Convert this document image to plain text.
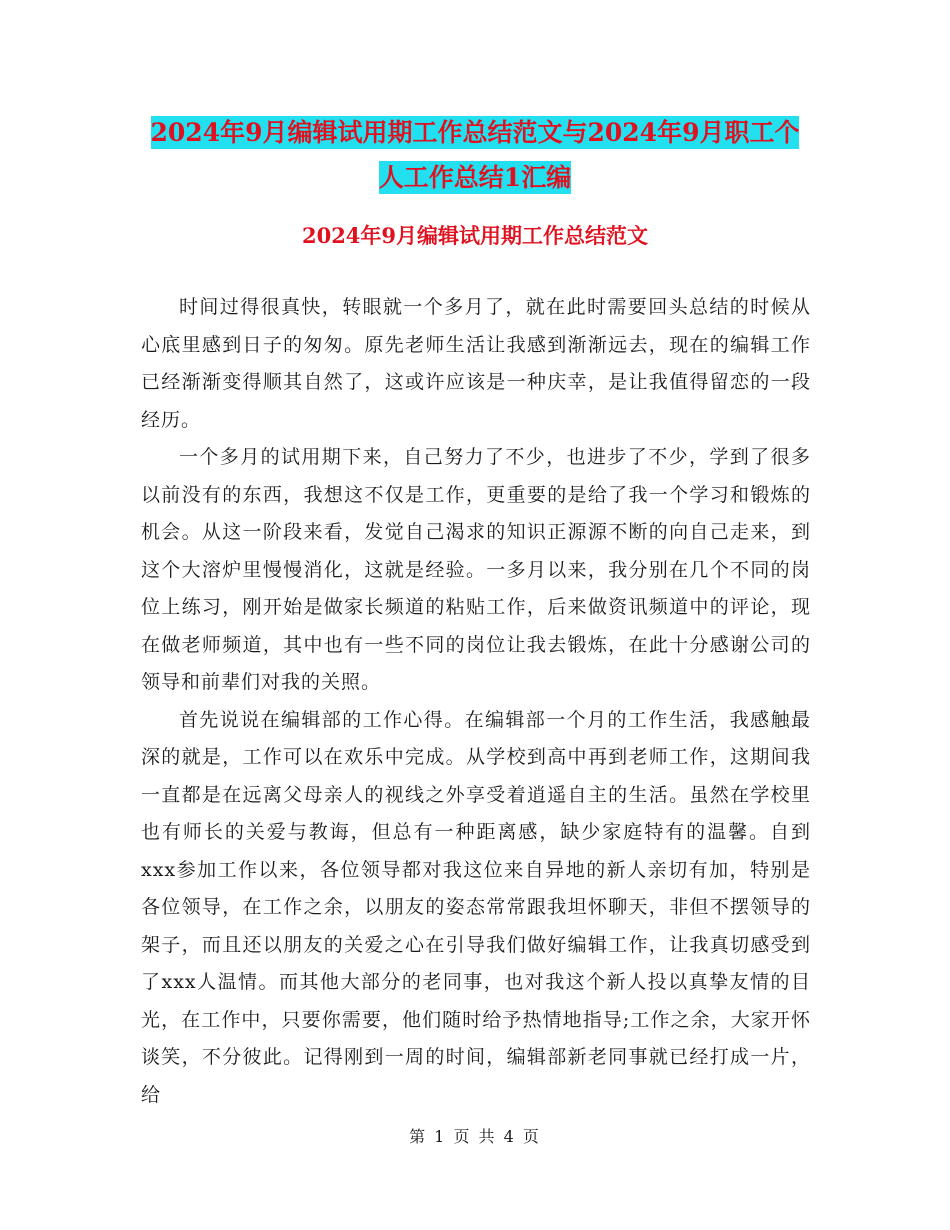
2024年9月编辑试用期工作总结范文与2024年9月职工个人工作总结1汇编
2024年9月编辑试用期工作总结范文

时间过得很真快，转眼就一个多月了，就在此时需要回头总结的时候从心底里感到日子的匆匆。原先老师生活让我感到渐渐远去，现在的编辑工作已经渐渐变得顺其自然了，这或许应该是一种庆幸，是让我值得留恋的一段经历。

一个多月的试用期下来，自己努力了不少，也进步了不少，学到了很多以前没有的东西，我想这不仅是工作，更重要的是给了我一个学习和锻炼的机会。从这一阶段来看，发觉自己渴求的知识正源源不断的向自己走来，到这个大溶炉里慢慢消化，这就是经验。一多月以来，我分别在几个不同的岗位上练习，刚开始是做家长频道的粘贴工作，后来做资讯频道中的评论，现在做老师频道，其中也有一些不同的岗位让我去锻炼，在此十分感谢公司的领导和前辈们对我的关照。

首先说说在编辑部的工作心得。在编辑部一个月的工作生活，我感触最深的就是，工作可以在欢乐中完成。从学校到高中再到老师工作，这期间我一直都是在远离父母亲人的视线之外享受着逍遥自主的生活。虽然在学校里也有师长的关爱与教诲，但总有一种距离感，缺少家庭特有的温馨。自到xxx参加工作以来，各位领导都对我这位来自异地的新人亲切有加，特别是各位领导，在工作之余，以朋友的姿态常常跟我坦怀聊天，非但不摆领导的架子，而且还以朋友的关爱之心在引导我们做好编辑工作，让我真切感受到了xxx人温情。而其他大部分的老同事，也对我这个新人投以真挚友情的目光，在工作中，只要你需要，他们随时给予热情地指导;工作之余，大家开怀谈笑，不分彼此。记得刚到一周的时间，编辑部新老同事就已经打成一片，给

第 1 页 共 4 页
